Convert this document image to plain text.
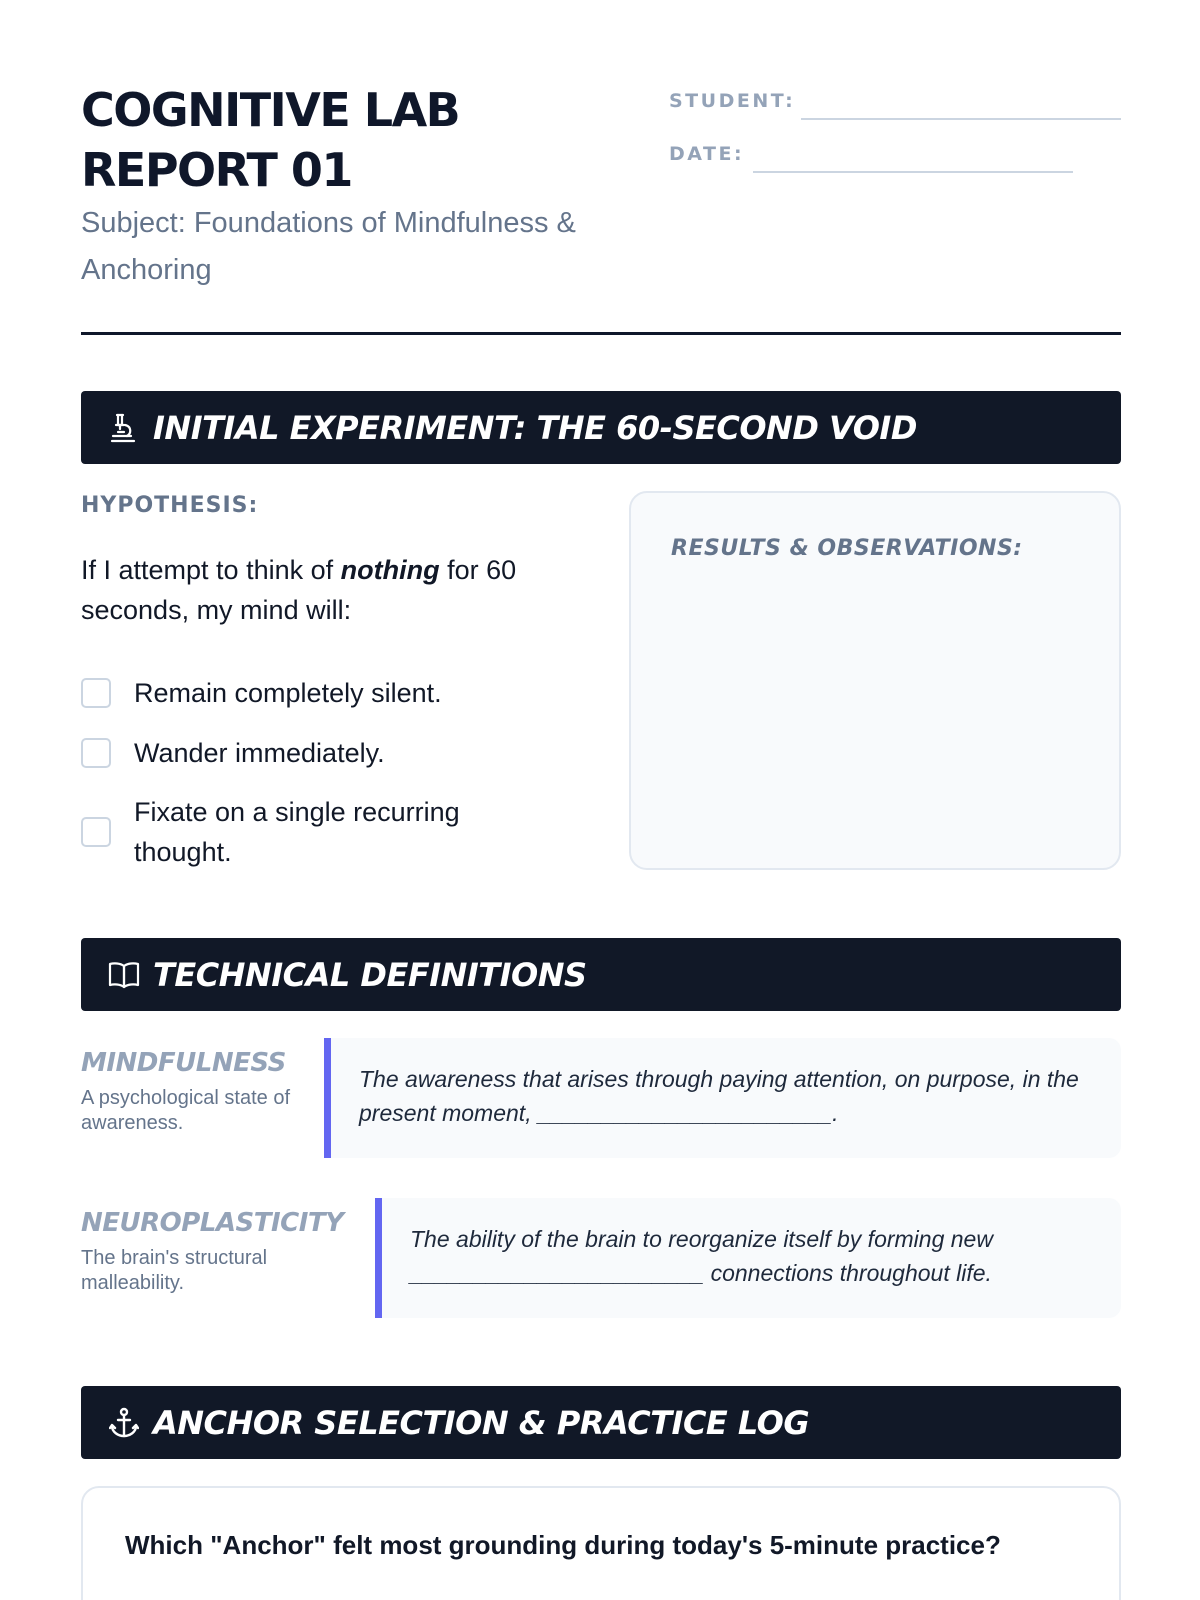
COGNITIVE LAB
REPORT 01
Subject: Foundations of Mindfulness & Anchoring
STUDENT:
DATE:
INITIAL EXPERIMENT: THE 60-SECOND VOID
HYPOTHESIS:
If I attempt to think of nothing for 60 seconds, my mind will:
Remain completely silent.
Wander immediately.
Fixate on a single recurring thought.
RESULTS & OBSERVATIONS:
TECHNICAL DEFINITIONS
MINDFULNESS
A psychological state of awareness.
The awareness that arises through paying attention, on purpose, in the present moment, _______________________.
NEUROPLASTICITY
The brain's structural malleability.
The ability of the brain to reorganize itself by forming new _______________________ connections throughout life.
ANCHOR SELECTION & PRACTICE LOG
Which "Anchor" felt most grounding during today's 5-minute practice?
